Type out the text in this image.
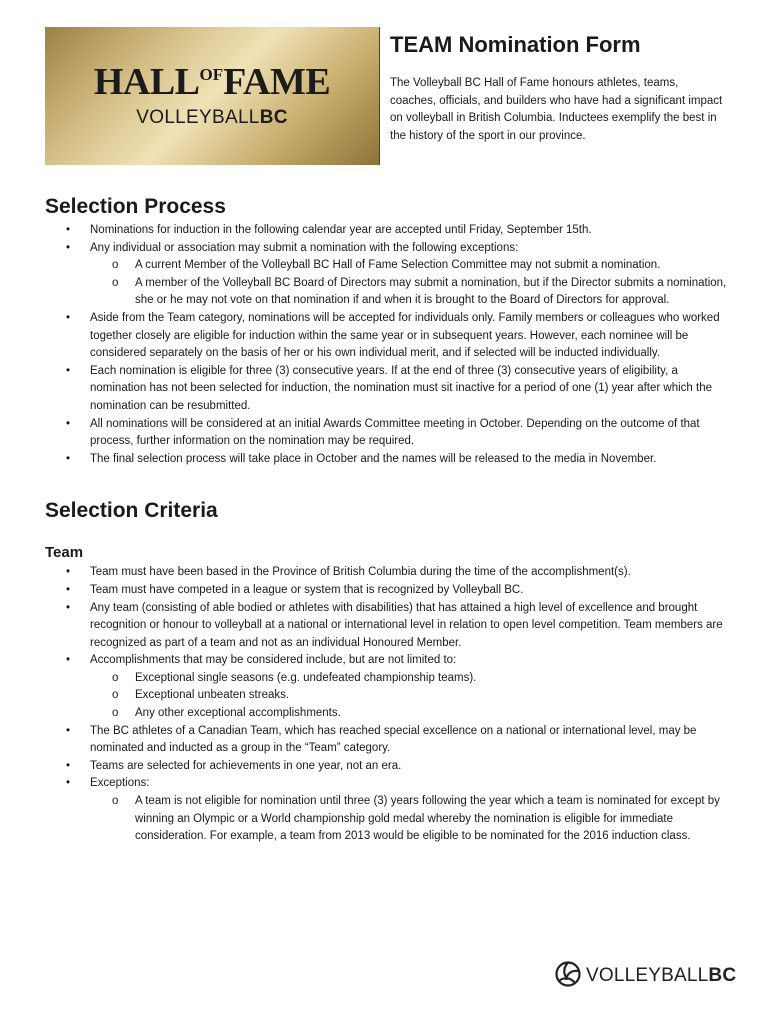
$HALL^{OF}FAME$
VOLLEYBALLBC
TEAM Nomination Form

The Volleyball BC Hall of Fame honours athletes, teams, coaches, officials, and builders who have had a significant impact on volleyball in British Columbia. Inductees exemplify the best in the history of the sport in our province.

Selection Process
• Nominations for induction in the following calendar year are accepted until Friday, September 15th.
• Any individual or association may submit a nomination with the following exceptions:
o A current Member of the Volleyball BC Hall of Fame Selection Committee may not submit a nomination.
o A member of the Volleyball BC Board of Directors may submit a nomination, but if the Director submits a nomination, she or he may not vote on that nomination if and when it is brought to the Board of Directors for approval.
• Aside from the Team category, nominations will be accepted for individuals only. Family members or colleagues who worked together closely are eligible for induction within the same year or in subsequent years. However, each nominee will be considered separately on the basis of her or his own individual merit, and if selected will be inducted individually.
• Each nomination is eligible for three (3) consecutive years. If at the end of three (3) consecutive years of eligibility, a nomination has not been selected for induction, the nomination must sit inactive for a period of one (1) year after which the nomination can be resubmitted.
• All nominations will be considered at an initial Awards Committee meeting in October. Depending on the outcome of that process, further information on the nomination may be required.
• The final selection process will take place in October and the names will be released to the media in November.
Selection Criteria
Team
• Team must have been based in the Province of British Columbia during the time of the accomplishment(s).
• Team must have competed in a league or system that is recognized by Volleyball BC.
• Any team (consisting of able bodied or athletes with disabilities) that has attained a high level of excellence and brought recognition or honour to volleyball at a national or international level in relation to open level competition. Team members are recognized as part of a team and not as an individual Honoured Member.
• Accomplishments that may be considered include, but are not limited to:
o Exceptional single seasons (e.g. undefeated championship teams).
o Exceptional unbeaten streaks.
o Any other exceptional accomplishments.
• The BC athletes of a Canadian Team, which has reached special excellence on a national or international level, may be nominated and inducted as a group in the “Team” category.
• Teams are selected for achievements in one year, not an era.
• Exceptions:
o A team is not eligible for nomination until three (3) years following the year which a team is nominated for except by winning an Olympic or a World championship gold medal whereby the nomination is eligible for immediate consideration. For example, a team from 2013 would be eligible to be nominated for the 2016 induction class.
VOLLEYBALLBC
